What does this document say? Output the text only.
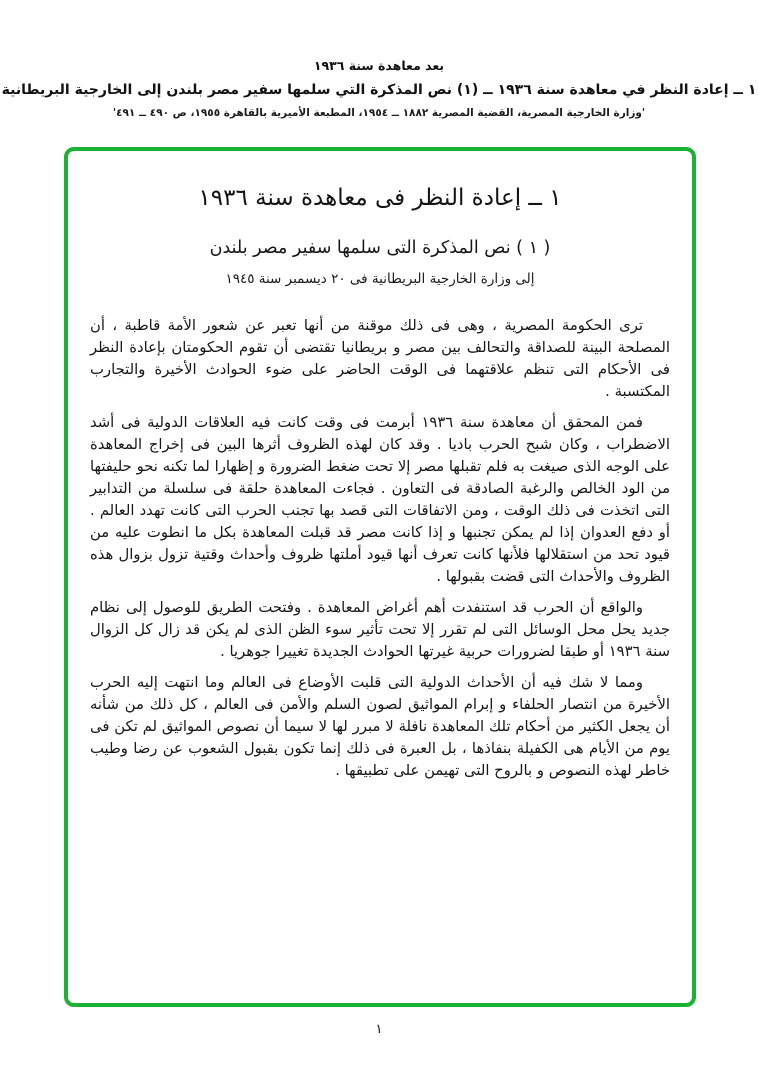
بعد معاهدة سنة ١٩٣٦
١ ــ إعادة النظر في معاهدة سنة ١٩٣٦ ــ (١) نص المذكرة التي سلمها سفير مصر بلندن إلى الخارجية البريطانية
'وزارة الخارجية المصرية، القضية المصرية ١٨٨٢ ــ ١٩٥٤، المطبعة الأميرية بالقاهرة ١٩٥٥، ص ٤٩٠ ــ ٤٩١'
١ ــ إعادة النظر فى معاهدة سنة ١٩٣٦
( ١ ) نص المذكرة التى سلمها سفير مصر بلندن
إلى وزارة الخارجية البريطانية فى ٢٠ ديسمبر سنة ١٩٤٥

ترى الحكومة المصرية ، وهى فى ذلك موقنة من أنها تعبر عن شعور الأمة قاطبة ، أن المصلحة البينة للصداقة والتحالف بين مصر و بريطانيا تقتضى أن تقوم الحكومتان بإعادة النظر فى الأحكام التى تنظم علاقتهما فى الوقت الحاضر على ضوء الحوادث الأخيرة والتجارب المكتسبة .

فمن المحقق أن معاهدة سنة ١٩٣٦ أبرمت فى وقت كانت فيه العلاقات الدولية فى أشد الاضطراب ، وكان شبح الحرب باديا . وقد كان لهذه الظروف أثرها البين فى إخراج المعاهدة على الوجه الذى صيغت به فلم تقبلها مصر إلا تحت ضغط الضرورة و إظهارا لما تكنه نحو حليفتها من الود الخالص والرغبة الصادقة فى التعاون . فجاءت المعاهدة حلقة فى سلسلة من التدابير التى اتخذت فى ذلك الوقت ، ومن الاتفاقات التى قصد بها تجنب الحرب التى كانت تهدد العالم . أو دفع العدوان إذا لم يمكن تجنبها و إذا كانت مصر قد قبلت المعاهدة بكل ما انطوت عليه من قيود تحد من استقلالها فلأنها كانت تعرف أنها قيود أملتها ظروف وأحداث وقتية تزول بزوال هذه الظروف والأحداث التى قضت بقبولها .

والواقع أن الحرب قد استنفدت أهم أغراض المعاهدة . وفتحت الطريق للوصول إلى نظام جديد يحل محل الوسائل التى لم تقرر إلا تحت تأثير سوء الظن الذى لم يكن قد زال كل الزوال سنة ١٩٣٦ أو طبقا لضرورات حربية غيرتها الحوادث الجديدة تغييرا جوهريا .

ومما لا شك فيه أن الأحداث الدولية التى قلبت الأوضاع فى العالم وما انتهت إليه الحرب الأخيرة من انتصار الحلفاء و إبرام المواثيق لصون السلم والأمن فى العالم ، كل ذلك من شأنه أن يجعل الكثير من أحكام تلك المعاهدة نافلة لا مبرر لها لا سيما أن نصوص المواثيق لم تكن فى يوم من الأيام هى الكفيلة بنفاذها ، بل العبرة فى ذلك إنما تكون بقبول الشعوب عن رضا وطيب خاطر لهذه النصوص و بالروح التى تهيمن على تطبيقها .

١
